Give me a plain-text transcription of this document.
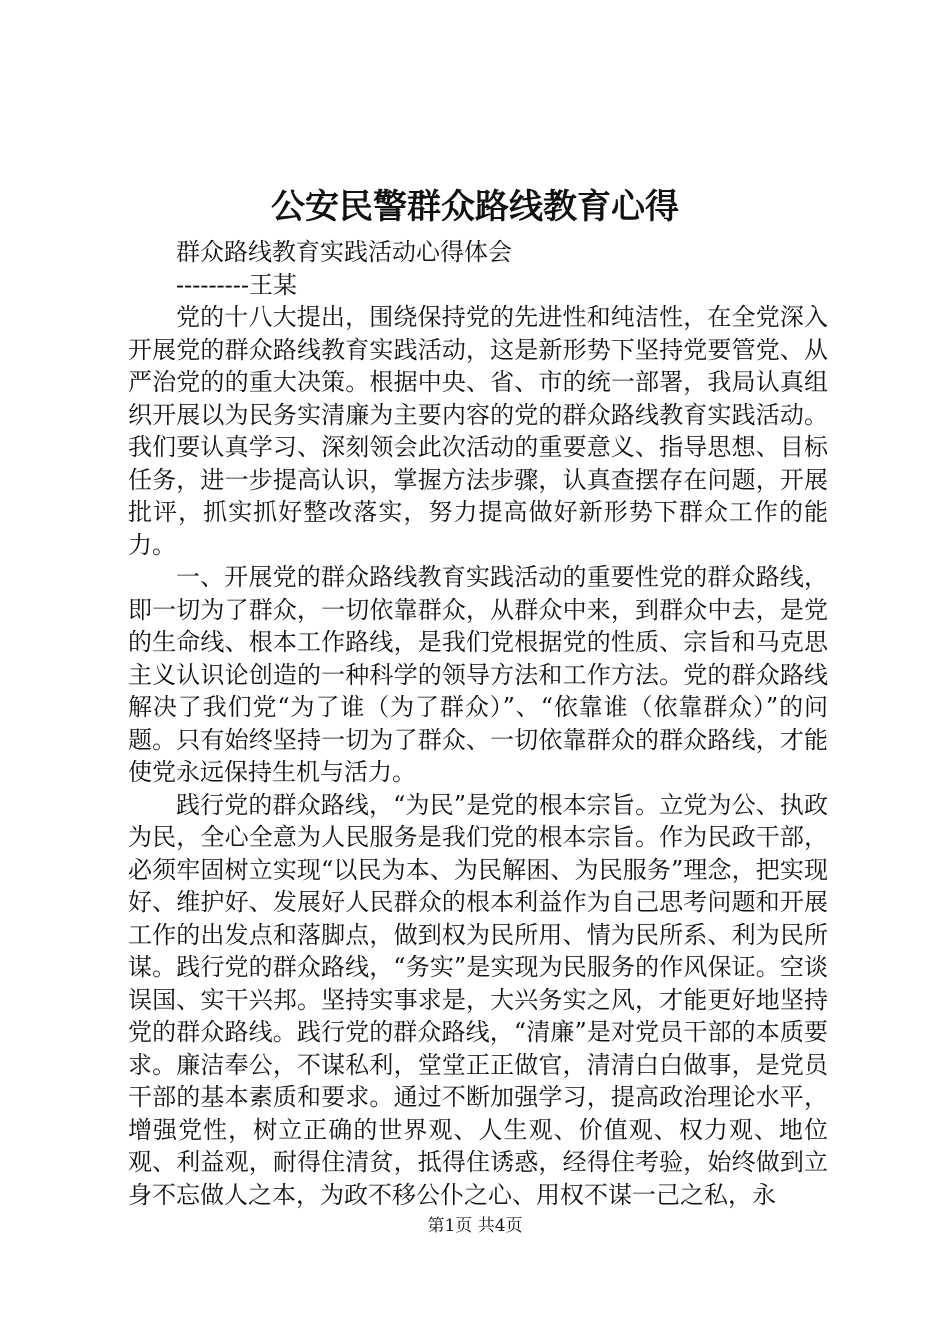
公安民警群众路线教育心得

群众路线教育实践活动心得体会

---------王某

党的十八大提出，围绕保持党的先进性和纯洁性，在全党深入开展党的群众路线教育实践活动，这是新形势下坚持党要管党、从严治党的的重大决策。根据中央、省、市的统一部署，我局认真组织开展以为民务实清廉为主要内容的党的群众路线教育实践活动。我们要认真学习、深刻领会此次活动的重要意义、指导思想、目标任务，进一步提高认识，掌握方法步骤，认真查摆存在问题，开展批评，抓实抓好整改落实，努力提高做好新形势下群众工作的能力。

一、开展党的群众路线教育实践活动的重要性党的群众路线，即一切为了群众，一切依靠群众，从群众中来，到群众中去，是党的生命线、根本工作路线，是我们党根据党的性质、宗旨和马克思主义认识论创造的一种科学的领导方法和工作方法。党的群众路线解决了我们党“为了谁（为了群众）”、“依靠谁（依靠群众）”的问题。只有始终坚持一切为了群众、一切依靠群众的群众路线，才能使党永远保持生机与活力。

践行党的群众路线，“为民”是党的根本宗旨。立党为公、执政为民，全心全意为人民服务是我们党的根本宗旨。作为民政干部，必须牢固树立实现“以民为本、为民解困、为民服务”理念，把实现好、维护好、发展好人民群众的根本利益作为自己思考问题和开展工作的出发点和落脚点，做到权为民所用、情为民所系、利为民所谋。践行党的群众路线，“务实”是实现为民服务的作风保证。空谈误国、实干兴邦。坚持实事求是，大兴务实之风，才能更好地坚持党的群众路线。践行党的群众路线，“清廉”是对党员干部的本质要求。廉洁奉公，不谋私利，堂堂正正做官，清清白白做事，是党员干部的基本素质和要求。通过不断加强学习，提高政治理论水平，增强党性，树立正确的世界观、人生观、价值观、权力观、地位观、利益观，耐得住清贫，抵得住诱惑，经得住考验，始终做到立身不忘做人之本，为政不移公仆之心、用权不谋一己之私，永

第1页 共4页
